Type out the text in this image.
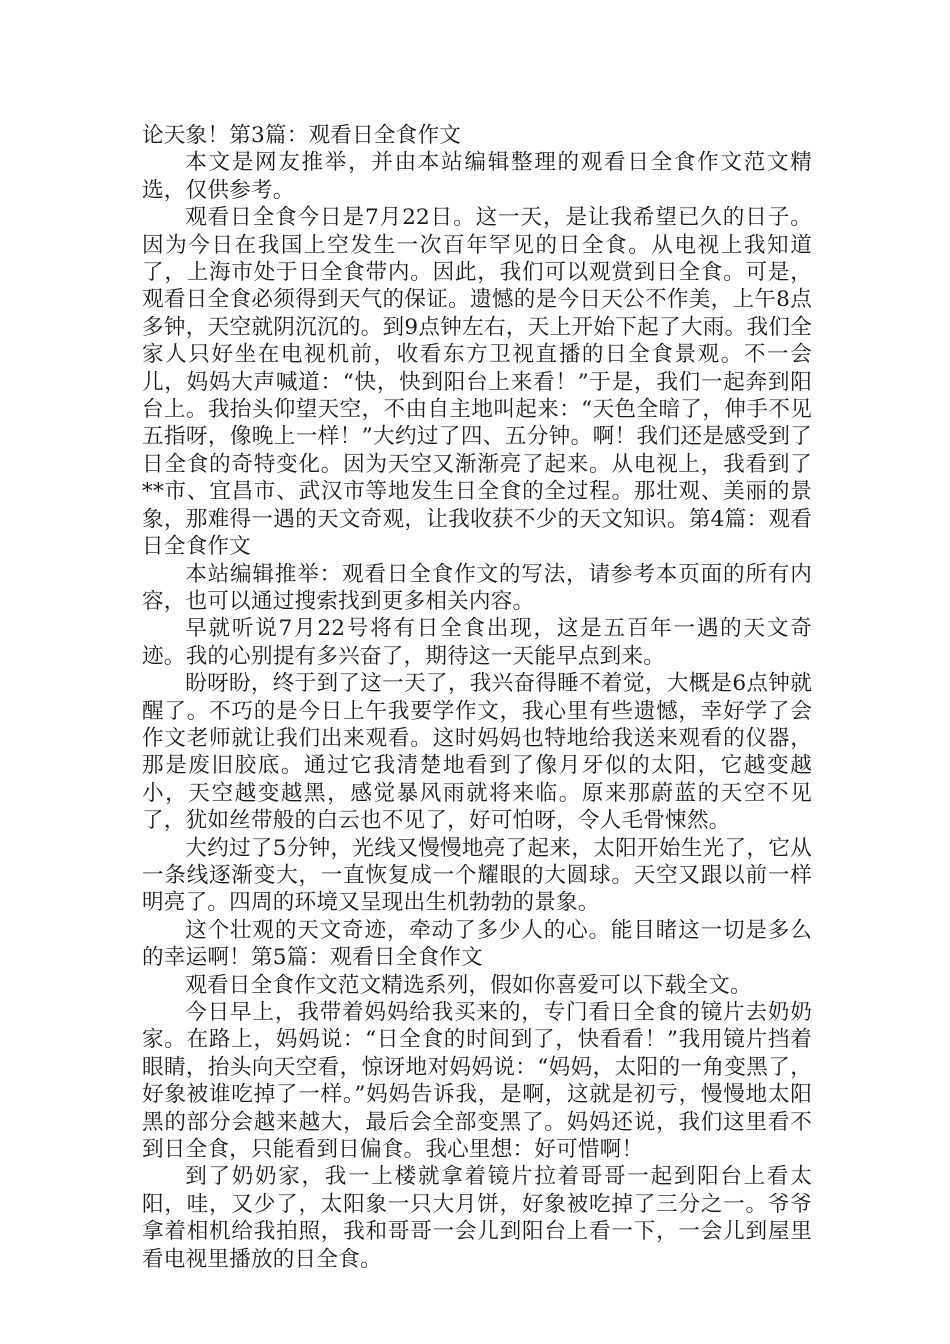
论天象！第3篇：观看日全食作文

本文是网友推举，并由本站编辑整理的观看日全食作文范文精选，仅供参考。

观看日全食今日是7月22日。这一天，是让我希望已久的日子。因为今日在我国上空发生一次百年罕见的日全食。从电视上我知道了，上海市处于日全食带内。因此，我们可以观赏到日全食。可是，观看日全食必须得到天气的保证。遗憾的是今日天公不作美，上午8点多钟，天空就阴沉沉的。到9点钟左右，天上开始下起了大雨。我们全家人只好坐在电视机前，收看东方卫视直播的日全食景观。不一会儿，妈妈大声喊道：“快，快到阳台上来看！”于是，我们一起奔到阳台上。我抬头仰望天空，不由自主地叫起来：“天色全暗了，伸手不见五指呀，像晚上一样！”大约过了四、五分钟。啊！我们还是感受到了日全食的奇特变化。因为天空又渐渐亮了起来。从电视上，我看到了**市、宜昌市、武汉市等地发生日全食的全过程。那壮观、美丽的景象，那难得一遇的天文奇观，让我收获不少的天文知识。第4篇：观看日全食作文

本站编辑推举：观看日全食作文的写法，请参考本页面的所有内容，也可以通过搜索找到更多相关内容。

早就听说7月22号将有日全食出现，这是五百年一遇的天文奇迹。我的心别提有多兴奋了，期待这一天能早点到来。

盼呀盼，终于到了这一天了，我兴奋得睡不着觉，大概是6点钟就醒了。不巧的是今日上午我要学作文，我心里有些遗憾，幸好学了会作文老师就让我们出来观看。这时妈妈也特地给我送来观看的仪器，那是废旧胶底。通过它我清楚地看到了像月牙似的太阳，它越变越小，天空越变越黑，感觉暴风雨就将来临。原来那蔚蓝的天空不见了，犹如丝带般的白云也不见了，好可怕呀，令人毛骨悚然。

大约过了5分钟，光线又慢慢地亮了起来，太阳开始生光了，它从一条线逐渐变大，一直恢复成一个耀眼的大圆球。天空又跟以前一样明亮了。四周的环境又呈现出生机勃勃的景象。

这个壮观的天文奇迹，牵动了多少人的心。能目睹这一切是多么的幸运啊！第5篇：观看日全食作文

观看日全食作文范文精选系列，假如你喜爱可以下载全文。

今日早上，我带着妈妈给我买来的，专门看日全食的镜片去奶奶家。在路上，妈妈说：“日全食的时间到了，快看看！”我用镜片挡着眼睛，抬头向天空看，惊讶地对妈妈说：“妈妈，太阳的一角变黑了，好象被谁吃掉了一样。”妈妈告诉我，是啊，这就是初亏，慢慢地太阳黑的部分会越来越大，最后会全部变黑了。妈妈还说，我们这里看不到日全食，只能看到日偏食。我心里想：好可惜啊！

到了奶奶家，我一上楼就拿着镜片拉着哥哥一起到阳台上看太阳，哇，又少了，太阳象一只大月饼，好象被吃掉了三分之一。爷爷拿着相机给我拍照，我和哥哥一会儿到阳台上看一下，一会儿到屋里看电视里播放的日全食。
